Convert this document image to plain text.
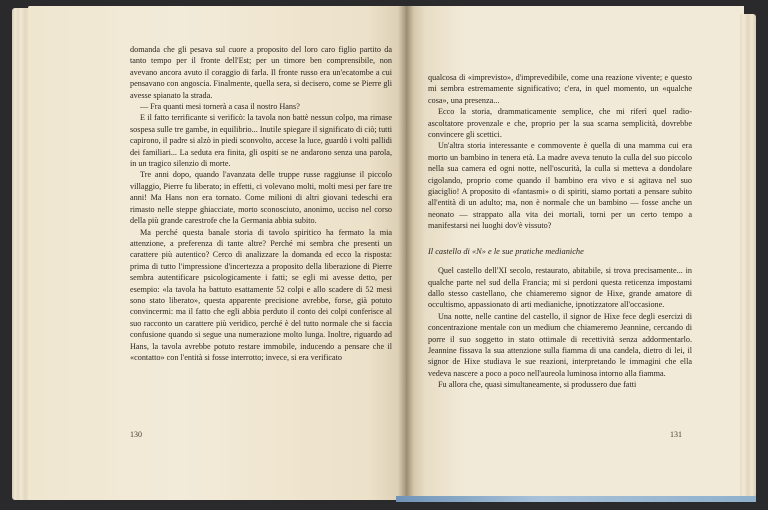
domanda che gli pesava sul cuore a proposito del loro caro figlio partito da tanto tempo per il fronte dell'Est; per un timore ben comprensibile, non avevano ancora avuto il coraggio di farla. Il fronte russo era un'ecatombe a cui pensavano con angoscia. Finalmente, quella sera, si decisero, come se Pierre gli avesse spianato la strada.

— Fra quanti mesi tornerà a casa il nostro Hans?

E il fatto terrificante si verificò: la tavola non battè nessun colpo, ma rimase sospesa sulle tre gambe, in equilibrio... Inutile spiegare il significato di ciò; tutti capirono, il padre si alzò in piedi sconvolto, accese la luce, guardò i volti pallidi dei familiari... La seduta era finita, gli ospiti se ne andarono senza una parola, in un tragico silenzio di morte.

Tre anni dopo, quando l'avanzata delle truppe russe raggiunse il piccolo villaggio, Pierre fu liberato; in effetti, ci volevano molti, molti mesi per fare tre anni! Ma Hans non era tornato. Come milioni di altri giovani tedeschi era rimasto nelle steppe ghiacciate, morto sconosciuto, anonimo, ucciso nel corso della più grande carestrofe che la Germania abbia subito.

Ma perché questa banale storia di tavolo spiritico ha fermato la mia attenzione, a preferenza di tante altre? Perché mi sembra che presenti un carattere più autentico? Cerco di analizzare la domanda ed ecco la risposta: prima di tutto l'impressione d'incertezza a proposito della liberazione di Pierre sembra autentificare psicologicamente i fatti; se egli mi avesse detto, per esempio: «la tavola ha battuto esattamente 52 colpi e allo scadere di 52 mesi sono stato liberato», questa apparente precisione avrebbe, forse, già potuto convincermi: ma il fatto che egli abbia perduto il conto dei colpi conferisce al suo racconto un carattere più veridico, perché è del tutto normale che si faccia confusione quando si segue una numerazione molto lunga. Inoltre, riguardo ad Hans, la tavola avrebbe potuto restare immobile, inducendo a pensare che il «contatto» con l'entità si fosse interrotto; invece, si era verificato

130

qualcosa di «imprevisto», d'imprevedibile, come una reazione vivente; e questo mi sembra estremamente significativo; c'era, in quel momento, un «qualche cosa», una presenza...

Ecco la storia, drammaticamente semplice, che mi riferì quel radio-ascoltatore provenzale e che, proprio per la sua scarna semplicità, dovrebbe convincere gli scettici.

Un'altra storia interessante e commovente è quella di una mamma cui era morto un bambino in tenera età. La madre aveva tenuto la culla del suo piccolo nella sua camera ed ogni notte, nell'oscurità, la culla si metteva a dondolare cigolando, proprio come quando il bambino era vivo e si agitava nel suo giaciglio! A proposito di «fantasmi» o di spiriti, siamo portati a pensare subito all'entità di un adulto; ma, non è normale che un bambino — fosse anche un neonato — strappato alla vita dei mortali, torni per un certo tempo a manifestarsi nei luoghi dov'è vissuto?

Il castello di «N» e le sue pratiche medianiche

Quel castello dell'XI secolo, restaurato, abitabile, si trova precisamente... in qualche parte nel sud della Francia; mi si perdoni questa reticenza impostami dallo stesso castellano, che chiameremo signor de Hixe, grande amatore di occultismo, appassionato di arti medianiche, ipnotizzatore all'occasione.

Una notte, nelle cantine del castello, il signor de Hixe fece degli esercizi di concentrazione mentale con un medium che chiameremo Jeannine, cercando di porre il suo soggetto in stato ottimale di recettività senza addormentarlo. Jeannine fissava la sua attenzione sulla fiamma di una candela, dietro di lei, il signor de Hixe studiava le sue reazioni, interpretando le immagini che ella vedeva nascere a poco a poco nell'aureola luminosa intorno alla fiamma.

Fu allora che, quasi simultaneamente, si produssero due fatti

131
